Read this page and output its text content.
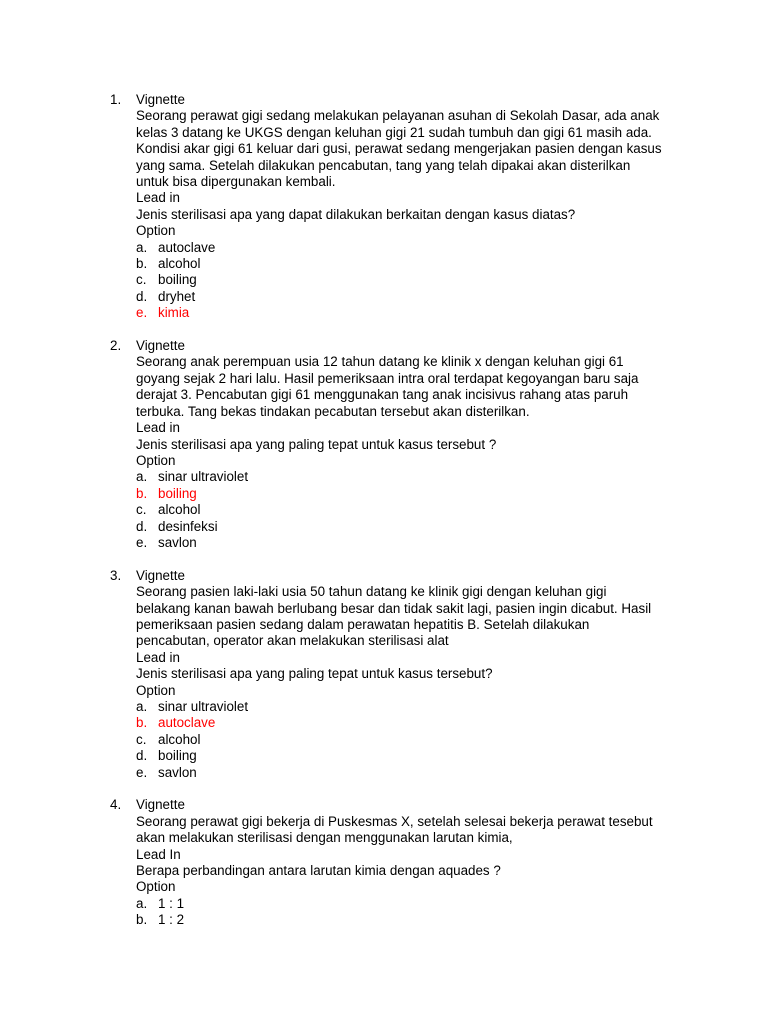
1.	Vignette
Seorang perawat gigi sedang melakukan pelayanan asuhan di Sekolah Dasar, ada anak
kelas 3 datang ke UKGS dengan keluhan gigi 21 sudah tumbuh dan gigi 61 masih ada.
Kondisi akar gigi 61 keluar dari gusi, perawat sedang mengerjakan pasien dengan kasus
yang sama. Setelah dilakukan pencabutan, tang yang telah dipakai akan disterilkan
untuk bisa dipergunakan kembali.
Lead in
Jenis sterilisasi apa yang dapat dilakukan berkaitan dengan kasus diatas?
Option
a. autoclave
b. alcohol
c. boiling
d. dryhet
e. kimia
2.	Vignette
Seorang anak perempuan usia 12 tahun datang ke klinik x dengan keluhan gigi 61
goyang sejak 2 hari lalu. Hasil pemeriksaan intra oral terdapat kegoyangan baru saja
derajat 3. Pencabutan gigi 61 menggunakan tang anak incisivus rahang atas paruh
terbuka. Tang bekas tindakan pecabutan tersebut akan disterilkan.
Lead in
Jenis sterilisasi apa yang paling tepat untuk kasus tersebut ?
Option
a. sinar ultraviolet
b. boiling
c. alcohol
d. desinfeksi
e. savlon
3.	Vignette
Seorang pasien laki-laki usia 50 tahun datang ke klinik gigi dengan keluhan gigi
belakang kanan bawah berlubang besar dan tidak sakit lagi, pasien ingin dicabut. Hasil
pemeriksaan pasien sedang dalam perawatan hepatitis B. Setelah dilakukan
pencabutan, operator akan melakukan sterilisasi alat
Lead in
Jenis sterilisasi apa yang paling tepat untuk kasus tersebut?
Option
a. sinar ultraviolet
b. autoclave
c. alcohol
d. boiling
e. savlon
4.	Vignette
Seorang perawat gigi bekerja di Puskesmas X, setelah selesai bekerja perawat tesebut
akan melakukan sterilisasi dengan menggunakan larutan kimia,
Lead In
Berapa perbandingan antara larutan kimia dengan aquades ?
Option
a. 1 : 1
b. 1 : 2
